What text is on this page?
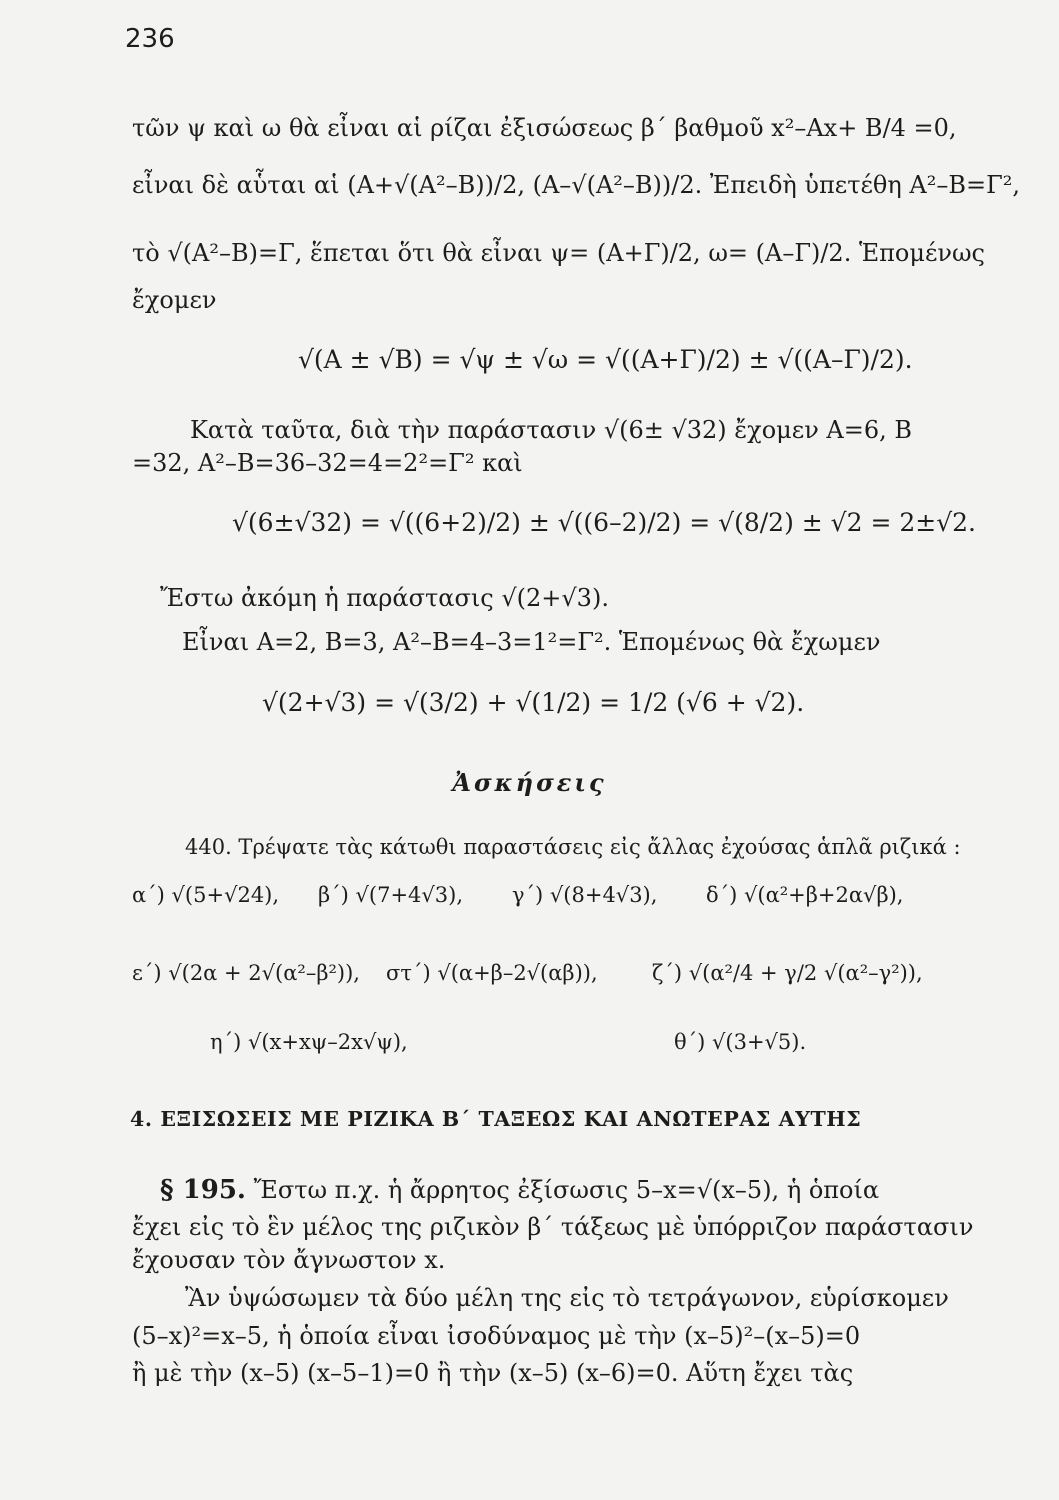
236
τῶν ψ καὶ ω θὰ εἶναι αἱ ρίζαι ἐξισώσεως β΄ βαθμοῦ x²–Αx+ Β/4 =0,
εἶναι δὲ αὗται αἱ (Α+√(Α²–Β))/2, (Α–√(Α²–Β))/2. Ἐπειδὴ ὑπετέθη Α²–Β=Γ²,
τὸ √(Α²–Β)=Γ, ἕπεται ὅτι θὰ εἶναι ψ= (Α+Γ)/2, ω= (Α–Γ)/2. Ἑπομένως
ἔχομεν
√(Α ± √Β) = √ψ ± √ω = √((Α+Γ)/2) ± √((Α–Γ)/2).
Κατὰ ταῦτα, διὰ τὴν παράστασιν √(6± √32) ἔχομεν Α=6, Β
=32, Α²–Β=36–32=4=2²=Γ² καὶ
√(6±√32) = √((6+2)/2) ± √((6–2)/2) = √(8/2) ± √2 = 2±√2.
Ἔστω ἀκόμη ἡ παράστασις √(2+√3).
Εἶναι Α=2, Β=3, Α²–Β=4–3=1²=Γ². Ἑπομένως θὰ ἔχωμεν
√(2+√3) = √(3/2) + √(1/2) = 1/2 (√6 + √2).
Ἀσκήσεις
440. Τρέψατε τὰς κάτωθι παραστάσεις εἰς ἄλλας ἐχούσας ἁπλᾶ ριζικά :
α΄) √(5+√24), β΄) √(7+4√3), γ΄) √(8+4√3), δ΄) √(α²+β+2α√β),
ε΄) √(2α + 2√(α²–β²)), στ΄) √(α+β–2√(αβ)),	ζ΄) √(α²/4 + γ/2 √(α²–γ²)),
η΄) √(x+xψ–2x√ψ),	θ΄) √(3+√5).
4. ΕΞΙΣΩΣΕΙΣ ΜΕ ΡΙΖΙΚΑ Β΄ ΤΑΞΕΩΣ ΚΑΙ ΑΝΩΤΕΡΑΣ ΑΥΤΗΣ
§ 195. Ἔστω π.χ. ἡ ἄρρητος ἐξίσωσις 5–x=√(x–5), ἡ ὁποία
ἔχει εἰς τὸ ἓν μέλος της ριζικὸν β΄ τάξεως μὲ ὑπόρριζον παράστασιν
ἔχουσαν τὸν ἄγνωστον x.
Ἂν ὑψώσωμεν τὰ δύο μέλη της εἰς τὸ τετράγωνον, εὑρίσκομεν
(5–x)²=x–5, ἡ ὁποία εἶναι ἰσοδύναμος μὲ τὴν (x–5)²–(x–5)=0
ἢ μὲ τὴν (x–5) (x–5–1)=0 ἢ τὴν (x–5) (x–6)=0. Αὕτη ἔχει τὰς
